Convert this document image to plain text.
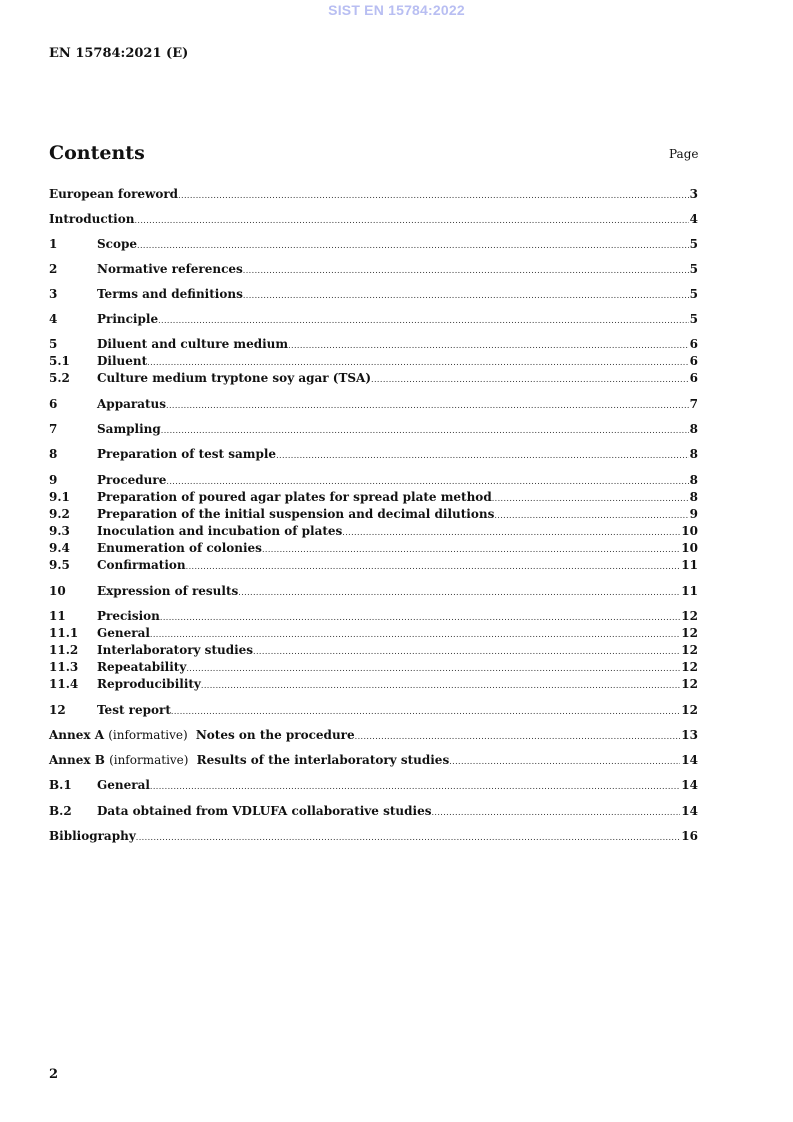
SIST EN 15784:2022
EN 15784:2021 (E)
Contents	Page
European foreword .....	3
Introduction .....	4
1	Scope .....	5
2	Normative references .....	5
3	Terms and definitions .....	5
4	Principle .....	5
5	Diluent and culture medium .....	6
5.1	Diluent .....	6
5.2	Culture medium tryptone soy agar (TSA) .....	6
6	Apparatus .....	7
7	Sampling .....	8
8	Preparation of test sample .....	8
9	Procedure .....	8
9.1	Preparation of poured agar plates for spread plate method .....	8
9.2	Preparation of the initial suspension and decimal dilutions .....	9
9.3	Inoculation and incubation of plates .....	10
9.4	Enumeration of colonies .....	10
9.5	Confirmation .....	11
10	Expression of results .....	11
11	Precision .....	12
11.1	General .....	12
11.2	Interlaboratory studies .....	12
11.3	Repeatability .....	12
11.4	Reproducibility .....	12
12	Test report .....	12
Annex A (informative) Notes on the procedure .....	13
Annex B (informative) Results of the interlaboratory studies .....	14
B.1	General .....	14
B.2	Data obtained from VDLUFA collaborative studies .....	14
Bibliography .....	16
2
